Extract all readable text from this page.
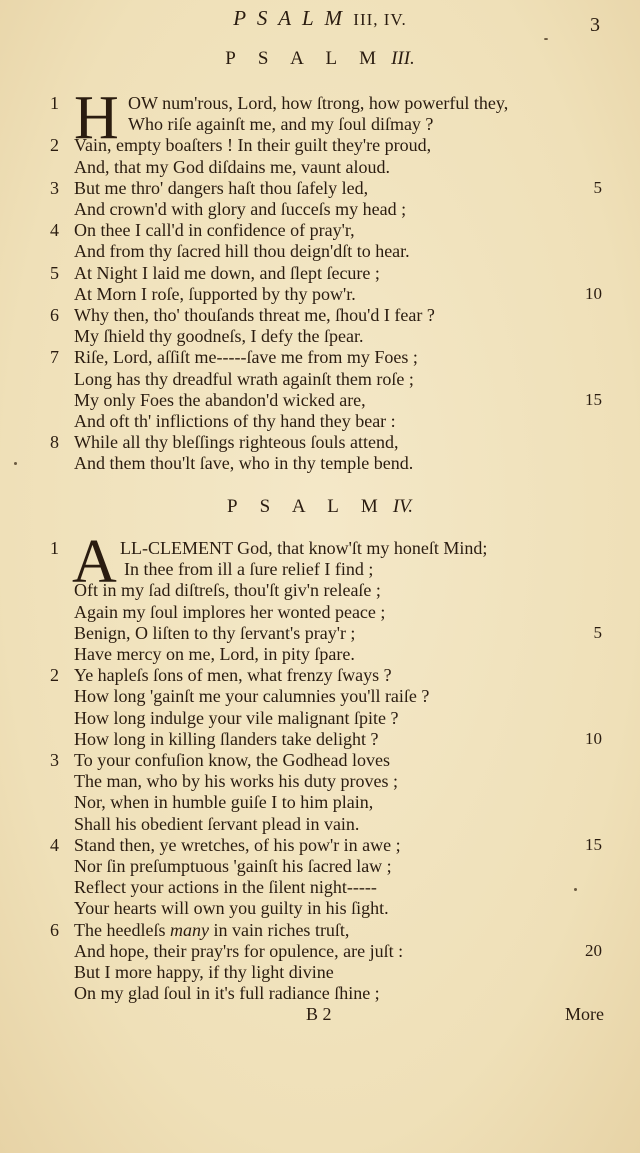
P S A L M III, IV.	3
P S A L M III.
H
1	OW num'rous, Lord, how ſtrong, how powerful they,
Who riſe againſt me, and my ſoul diſmay ?
2 Vain, empty boaſters ! In their guilt they're proud,
And, that my God diſdains me, vaunt aloud.
3 But me thro' dangers haſt thou ſafely led,	5
And crown'd with glory and ſucceſs my head ;
4 On thee I call'd in confidence of pray'r,
And from thy ſacred hill thou deign'dſt to hear.
5 At Night I laid me down, and ſlept ſecure ;
At Morn I roſe, ſupported by thy pow'r.	10
6 Why then, tho' thouſands threat me, ſhou'd I fear ?
My ſhield thy goodneſs, I defy the ſpear.
7 Riſe, Lord, aſſiſt me-----ſave me from my Foes ;
Long has thy dreadful wrath againſt them roſe ;
My only Foes the abandon'd wicked are,	15
And oft th' inflictions of thy hand they bear :
8 While all thy bleſſings righteous ſouls attend,
And them thou'lt ſave, who in thy temple bend.
P S A L M IV.
A
1	LL-CLEMENT God, that know'ſt my honeſt Mind;
In thee from ill a ſure relief I find ;
Oft in my ſad diſtreſs, thou'ſt giv'n releaſe ;
Again my ſoul implores her wonted peace ;
Benign, O liſten to thy ſervant's pray'r ;	5
Have mercy on me, Lord, in pity ſpare.
2 Ye hapleſs ſons of men, what frenzy ſways ?
How long 'gainſt me your calumnies you'll raiſe ?
How long indulge your vile malignant ſpite ?
How long in killing ſlanders take delight ?	10
3 To your confuſion know, the Godhead loves
The man, who by his works his duty proves ;
Nor, when in humble guiſe I to him plain,
Shall his obedient ſervant plead in vain.
4 Stand then, ye wretches, of his pow'r in awe ;	15
Nor ſin preſumptuous 'gainſt his ſacred law ;
Reflect your actions in the ſilent night-----
Your hearts will own you guilty in his ſight.
6 The heedleſs many in vain riches truſt,
And hope, their pray'rs for opulence, are juſt :	20
But I more happy, if thy light divine
On my glad ſoul in it's full radiance ſhine ;
B 2	More
